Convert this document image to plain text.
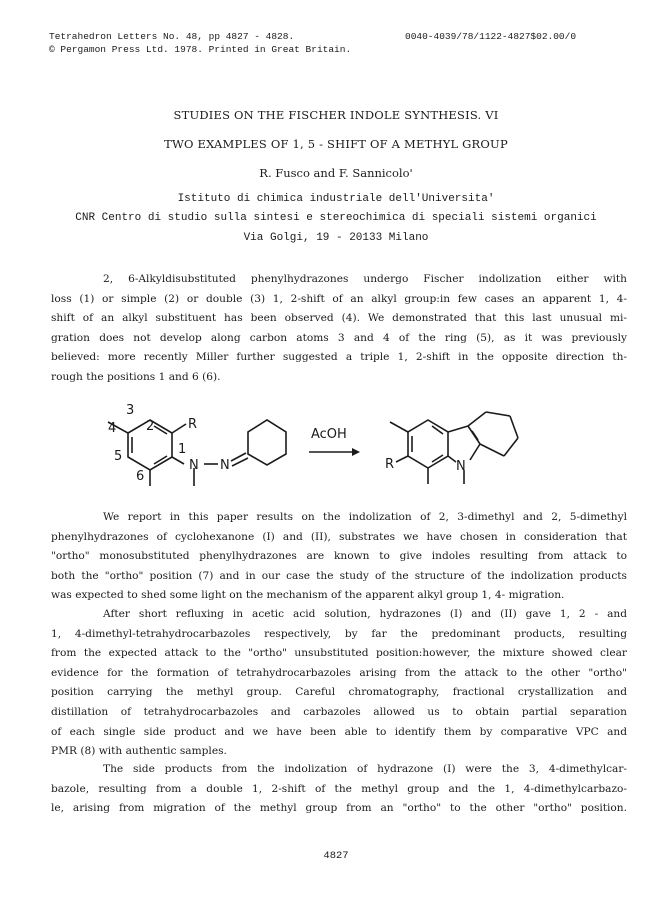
Tetrahedron Letters No. 48, pp 4827 - 4828.
© Pergamon Press Ltd. 1978. Printed in Great Britain.
0040-4039/78/1122-4827$02.00/0
STUDIES ON THE FISCHER INDOLE SYNTHESIS. VI
TWO EXAMPLES OF 1, 5 - SHIFT OF A METHYL GROUP
R. Fusco and F. Sannicolo'
Istituto di chimica industriale dell'Universita'
CNR Centro di studio sulla sintesi e stereochimica di speciali sistemi organici
Via Golgi, 19 - 20133 Milano
2, 6-Alkyldisubstituted phenylhydrazones undergo Fischer indolization either with
loss (1) or simple (2) or double (3) 1, 2-shift of an alkyl group:in few cases an apparent 1, 4-
shift of an alkyl substituent has been observed (4). We demonstrated that this last unusual mi-
gration does not develop along carbon atoms 3 and 4 of the ring (5), as it was previously
believed: more recently Miller further suggested a triple 1, 2-shift in the opposite direction th-
rough the positions 1 and 6 (6).
3
4 2	R
1
5
6
N N
AcOH
R	N
We report in this paper results on the indolization of 2, 3-dimethyl and 2, 5-dimethyl
phenylhydrazones of cyclohexanone (I) and (II), substrates we have chosen in consideration that
"ortho" monosubstituted phenylhydrazones are known to give indoles resulting from attack to
both the "ortho" position (7) and in our case the study of the structure of the indolization products
was expected to shed some light on the mechanism of the apparent alkyl group 1, 4- migration.
After short refluxing in acetic acid solution, hydrazones (I) and (II) gave 1, 2 - and
1, 4-dimethyl-tetrahydrocarbazoles respectively, by far the predominant products, resulting
from the expected attack to the "ortho" unsubstituted position:however, the mixture showed clear
evidence for the formation of tetrahydrocarbazoles arising from the attack to the other "ortho"
position carrying the methyl group. Careful chromatography, fractional crystallization and
distillation of tetrahydrocarbazoles and carbazoles allowed us to obtain partial separation
of each single side product and we have been able to identify them by comparative VPC and
PMR (8) with authentic samples.
The side products from the indolization of hydrazone (I) were the 3, 4-dimethylcar-
bazole, resulting from a double 1, 2-shift of the methyl group and the 1, 4-dimethylcarbazo-
le, arising from migration of the methyl group from an "ortho" to the other "ortho" position.
4827
